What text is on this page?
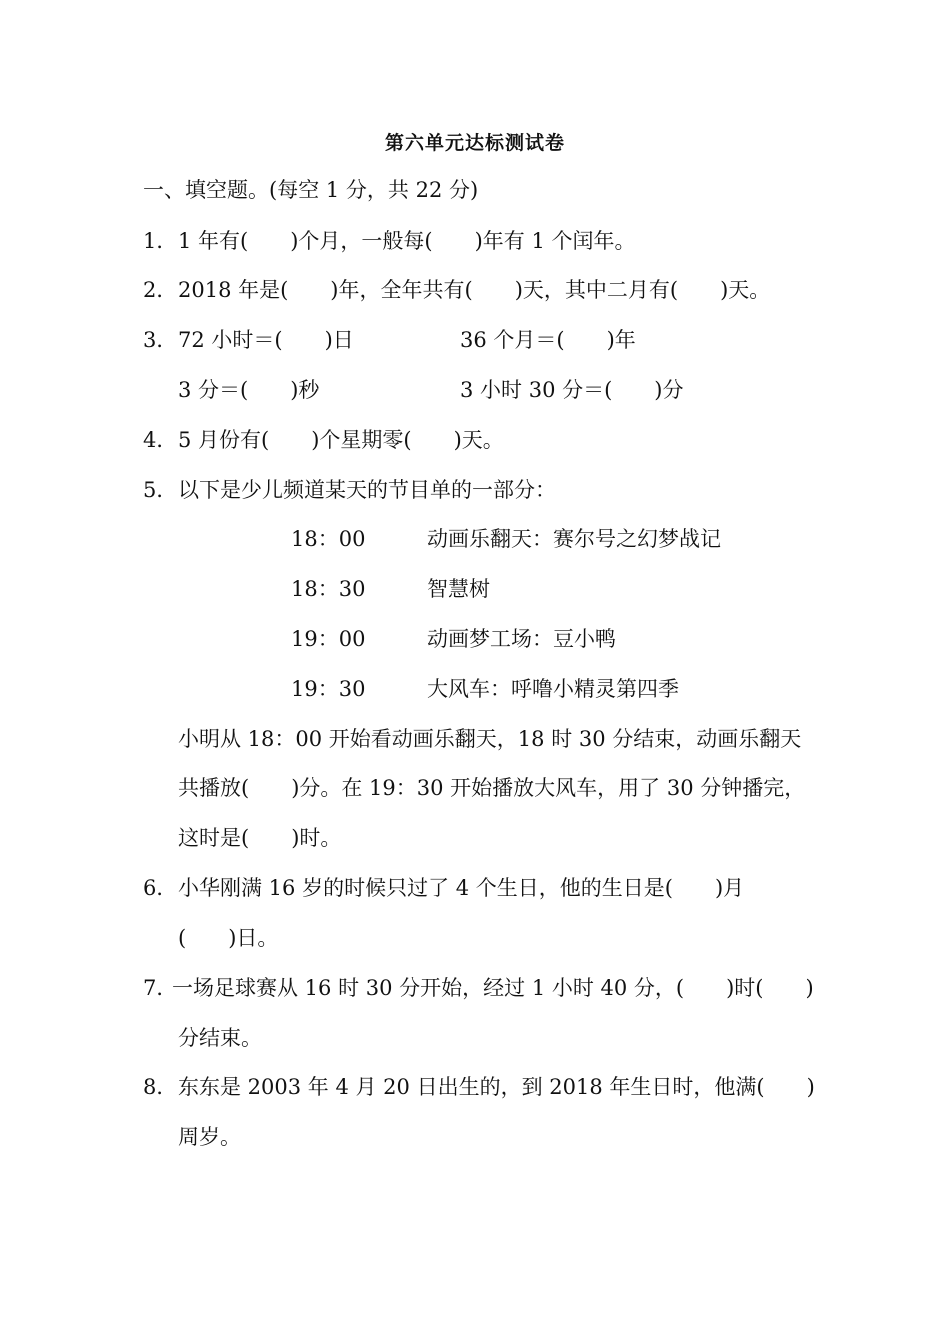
第六单元达标测试卷
一、填空题。(每空 1 分，共 22 分)
1． 1 年有(　　)个月，一般每(　　)年有 1 个闰年。
2． 2018 年是(　　)年，全年共有(　　)天，其中二月有(　　)天。
3． 72 小时＝(　　)日	36 个月＝(　　)年
3 分＝(　　)秒	3 小时 30 分＝(　　)分
4． 5 月份有(　　)个星期零(　　)天。
5． 以下是少儿频道某天的节目单的一部分：
18：00	动画乐翻天：赛尔号之幻梦战记
18：30	智慧树
19：00	动画梦工场：豆小鸭
19：30	大风车：呼噜小精灵第四季
小明从 18：00 开始看动画乐翻天，18 时 30 分结束，动画乐翻天
共播放(　　)分。在 19：30 开始播放大风车，用了 30 分钟播完，
这时是(　　)时。
6． 小华刚满 16 岁的时候只过了 4 个生日，他的生日是(　　)月
(　　)日。
7．
一场足球赛从 16 时 30 分开始，经过 1 小时 40 分，(　　)时(　　)
分结束。
8． 东东是 2003 年 4 月 20 日出生的，到 2018 年生日时，他满(　　)
周岁。
